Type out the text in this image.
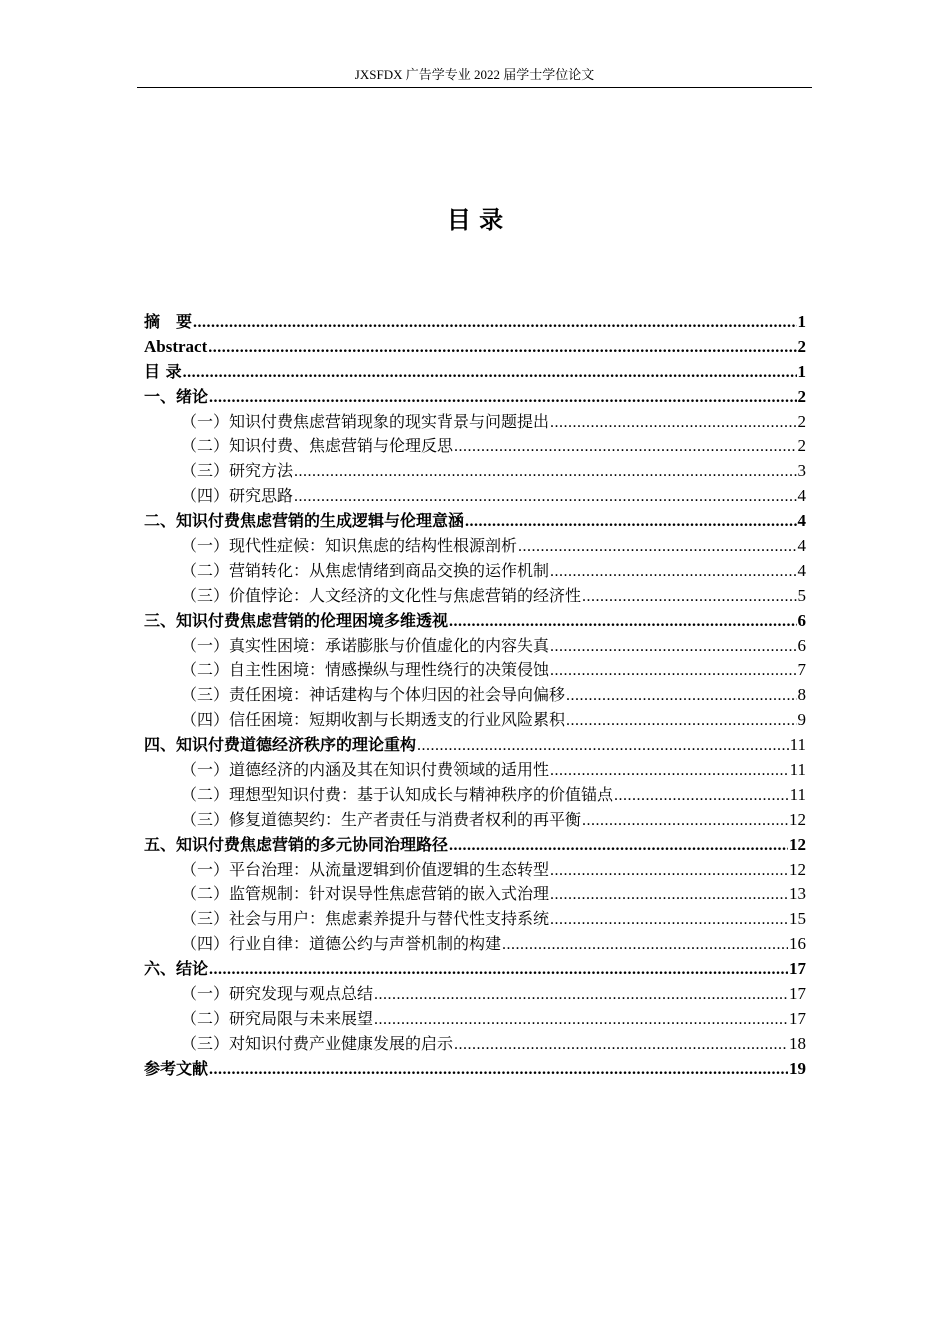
JXSFDX 广告学专业 2022 届学士学位论文
目 录
摘　要 .....	1
Abstract .....	2
目 录 .....	1
一、绪论 .....	2
（一）知识付费焦虑营销现象的现实背景与问题提出 .....	2
（二）知识付费、焦虑营销与伦理反思 .....	2
（三）研究方法 .....	3
（四）研究思路 .....	4
二、知识付费焦虑营销的生成逻辑与伦理意涵 .....	4
（一）现代性症候：知识焦虑的结构性根源剖析 .....	4
（二）营销转化：从焦虑情绪到商品交换的运作机制 .....	4
（三）价值悖论：人文经济的文化性与焦虑营销的经济性 .....	5
三、知识付费焦虑营销的伦理困境多维透视 .....	6
（一）真实性困境：承诺膨胀与价值虚化的内容失真 .....	6
（二）自主性困境：情感操纵与理性绕行的决策侵蚀 .....	7
（三）责任困境：神话建构与个体归因的社会导向偏移 .....	8
（四）信任困境：短期收割与长期透支的行业风险累积 .....	9
四、知识付费道德经济秩序的理论重构 .....	11
（一）道德经济的内涵及其在知识付费领域的适用性 .....	11
（二）理想型知识付费：基于认知成长与精神秩序的价值锚点 .....	11
（三）修复道德契约：生产者责任与消费者权利的再平衡 .....	12
五、知识付费焦虑营销的多元协同治理路径 .....	12
（一）平台治理：从流量逻辑到价值逻辑的生态转型 .....	12
（二）监管规制：针对误导性焦虑营销的嵌入式治理 .....	13
（三）社会与用户：焦虑素养提升与替代性支持系统 .....	15
（四）行业自律：道德公约与声誉机制的构建 .....	16
六、结论 .....	17
（一）研究发现与观点总结 .....	17
（二）研究局限与未来展望 .....	17
（三）对知识付费产业健康发展的启示 .....	18
参考文献 .....	19
